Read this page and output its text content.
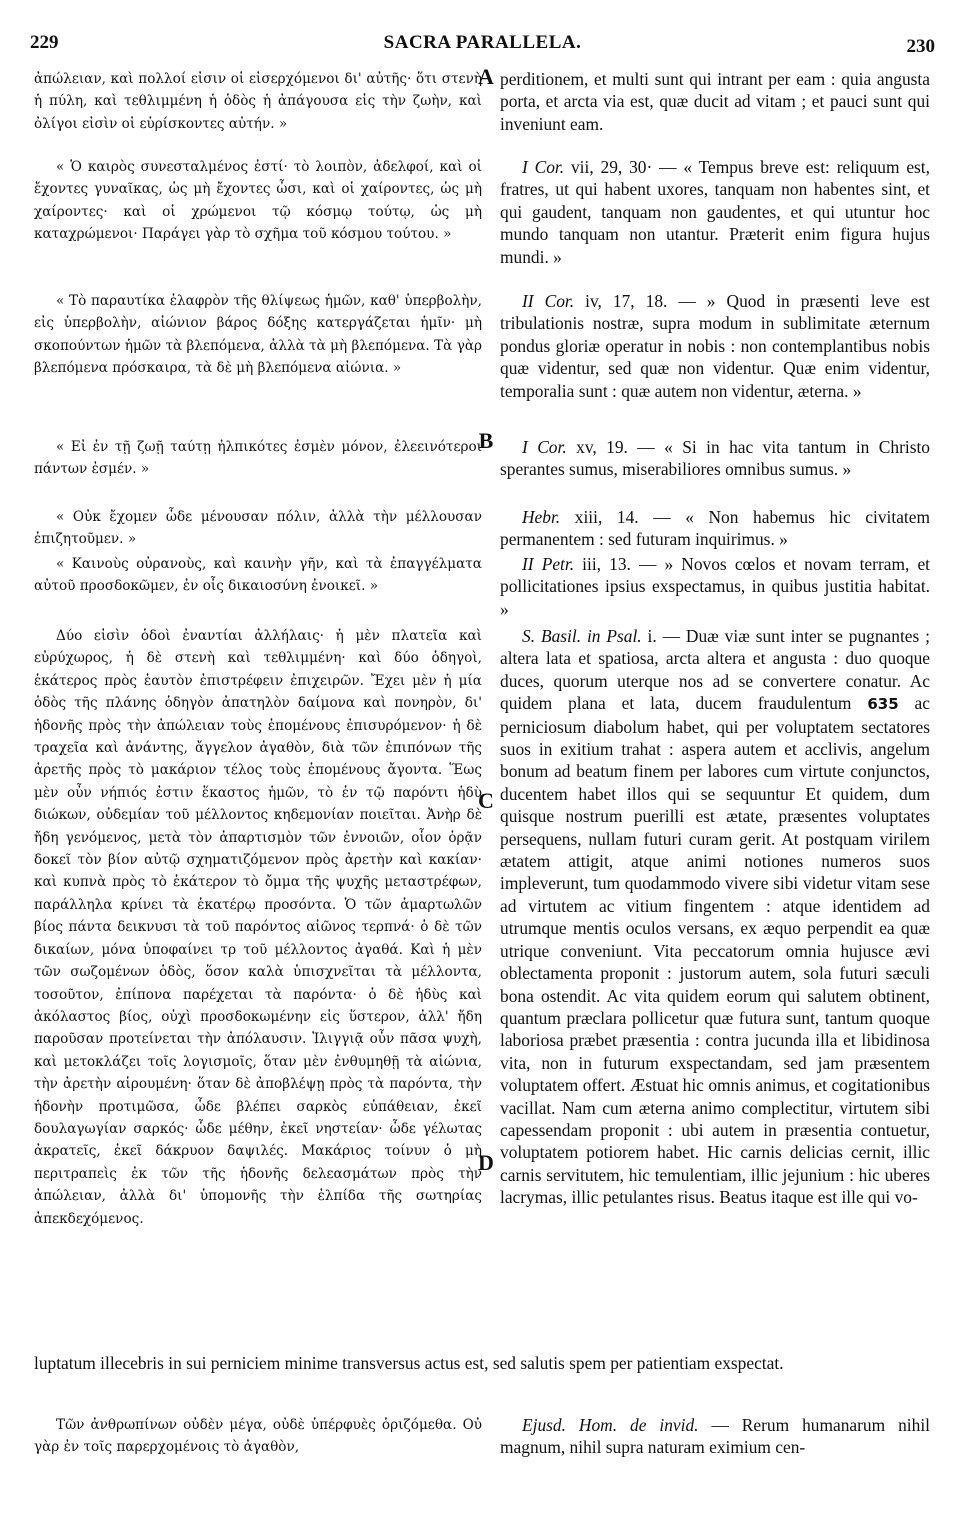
229	SACRA PARALLELA.	230

ἀπώλειαν, καὶ πολλοί εἰσιν οἱ εἰσερχόμενοι δι' αὐτῆς· ὅτι στενὴ ἡ πύλη, καὶ τεθλιμμένη ἡ ὁδὸς ἡ ἀπάγουσα εἰς τὴν ζωὴν, καὶ ὀλίγοι εἰσὶν οἱ εὑρίσκοντες αὐτήν. »

« Ὁ καιρὸς συνεσταλμένος ἐστί· τὸ λοιπὸν, ἀδελφοί, καὶ οἱ ἔχοντες γυναῖκας, ὡς μὴ ἔχοντες ὦσι, καὶ οἱ χαίροντες, ὡς μὴ χαίροντες· καὶ οἱ χρώμενοι τῷ κόσμῳ τούτῳ, ὡς μὴ καταχρώμενοι· Παράγει γὰρ τὸ σχῆμα τοῦ κόσμου τούτου. »

« Τὸ παραυτίκα ἐλαφρὸν τῆς θλίψεως ἡμῶν, καθ' ὑπερβολὴν, εἰς ὑπερβολὴν, αἰώνιον βάρος δόξης κατεργάζεται ἡμῖν· μὴ σκοπούντων ἡμῶν τὰ βλεπόμενα, ἀλλὰ τὰ μὴ βλεπόμενα. Τὰ γὰρ βλεπόμενα πρόσκαιρα, τὰ δὲ μὴ βλεπόμενα αἰώνια. »

« Εἰ ἐν τῇ ζωῇ ταύτῃ ἠλπικότες ἐσμὲν μόνον, ἐλεεινότεροι πάντων ἐσμέν. »

« Οὐκ ἔχομεν ὧδε μένουσαν πόλιν, ἀλλὰ τὴν μέλλουσαν ἐπιζητοῦμεν. »

« Καινοὺς οὐρανοὺς, καὶ καινὴν γῆν, καὶ τὰ ἐπαγγέλματα αὐτοῦ προσδοκῶμεν, ἐν οἷς δικαιοσύνη ἐνοικεῖ. »

Δύο εἰσὶν ὁδοὶ ἐναντίαι ἀλλήλαις· ἡ μὲν πλατεῖα καὶ εὐρύχωρος, ἡ δὲ στενὴ καὶ τεθλιμμένη· καὶ δύο ὁδηγοὶ, ἑκάτερος πρὸς ἑαυτὸν ἐπιστρέφειν ἐπιχειρῶν. Ἔχει μὲν ἡ μία ὁδὸς τῆς πλάνης ὁδηγὸν ἀπατηλὸν δαίμονα καὶ πονηρὸν, δι' ἡδονῆς πρὸς τὴν ἀπώλειαν τοὺς ἑπομένους ἐπισυρόμενον· ἡ δὲ τραχεῖα καὶ ἀνάντης, ἄγγελον ἀγαθὸν, διὰ τῶν ἐπιπόνων τῆς ἀρετῆς πρὸς τὸ μακάριον τέλος τοὺς ἑπομένους ἄγοντα. Ἕως μὲν οὖν νήπιός ἐστιν ἕκαστος ἡμῶν, τὸ ἐν τῷ παρόντι ἡδὺ διώκων, οὐδεμίαν τοῦ μέλλοντος κηδεμονίαν ποιεῖται. Ἀνὴρ δὲ ἤδη γενόμενος, μετὰ τὸν ἀπαρτισμὸν τῶν ἐννοιῶν, οἷον ὁρᾷν δοκεῖ τὸν βίον αὐτῷ σχηματιζόμενον πρὸς ἀρετὴν καὶ κακίαν· καὶ κυπνὰ πρὸς τὸ ἑκάτερον τὸ ὄμμα τῆς ψυχῆς μεταστρέφων, παράλληλα κρίνει τὰ ἑκατέρῳ προσόντα. Ὁ τῶν ἁμαρτωλῶν βίος πάντα δεικνυσι τὰ τοῦ παρόντος αἰῶνος τερπνά· ὁ δὲ τῶν δικαίων, μόνα ὑποφαίνει τρ τοῦ μέλλοντος ἀγαθά. Καὶ ἡ μὲν τῶν σωζομένων ὁδὸς, ὅσον καλὰ ὑπισχνεῖται τὰ μέλλοντα, τοσοῦτον, ἐπίπονα παρέχεται τὰ παρόντα· ὁ δὲ ἡδὺς καὶ ἀκόλαστος βίος, οὐχὶ προσδοκωμένην εἰς ὕστερον, ἀλλ' ἤδη παροῦσαν προτείνεται τὴν ἀπόλαυσιν. Ἰλιγγιᾷ οὖν πᾶσα ψυχὴ, καὶ μετοκλάζει τοῖς λογισμοῖς, ὅταν μὲν ἐνθυμηθῇ τὰ αἰώνια, τὴν ἀρετὴν αἱρουμένη· ὅταν δὲ ἀποβλέψῃ πρὸς τὰ παρόντα, τὴν ἡδονὴν προτιμῶσα, ὧδε βλέπει σαρκὸς εὐπάθειαν, ἐκεῖ δουλαγωγίαν σαρκός· ὧδε μέθην, ἐκεῖ νηστείαν· ὧδε γέλωτας ἀκρατεῖς, ἐκεῖ δάκρυον δαψιλές. Μακάριος τοίνυν ὁ μὴ περιτραπεὶς ἐκ τῶν τῆς ἡδονῆς δελεασμάτων πρὸς τὴν ἀπώλειαν, ἀλλὰ δι' ὑπομονῆς τὴν ἐλπίδα τῆς σωτηρίας ἀπεκδεχόμενος.

perditionem, et multi sunt qui intrant per eam : quia angusta porta, et arcta via est, quæ ducit ad vitam ; et pauci sunt qui inveniunt eam.

I Cor. vii, 29, 30· — « Tempus breve est: reliquum est, fratres, ut qui habent uxores, tanquam non habentes sint, et qui gaudent, tanquam non gaudentes, et qui utuntur hoc mundo tanquam non utantur. Præterit enim figura hujus mundi. »

II Cor. iv, 17, 18. — » Quod in præsenti leve est tribulationis nostræ, supra modum in sublimitate æternum pondus gloriæ operatur in nobis : non contemplantibus nobis quæ videntur, sed quæ non videntur. Quæ enim videntur, temporalia sunt : quæ autem non videntur, æterna. »

I Cor. xv, 19. — « Si in hac vita tantum in Christo sperantes sumus, miserabiliores omnibus sumus. »

Hebr. xiii, 14. — « Non habemus hic civitatem permanentem : sed futuram inquirimus. »

II Petr. iii, 13. — » Novos cœlos et novam terram, et pollicitationes ipsius exspectamus, in quibus justitia habitat. »

S. Basil. in Psal. i. — Duæ viæ sunt inter se pugnantes ; altera lata et spatiosa, arcta altera et angusta : duo quoque duces, quorum uterque nos ad se convertere conatur. Ac quidem plana et lata, ducem fraudulentum 635 ac perniciosum diabolum habet, qui per voluptatem sectatores suos in exitium trahat : aspera autem et acclivis, angelum bonum ad beatum finem per labores cum virtute conjunctos, ducentem habet illos qui se sequuntur Et quidem, dum quisque nostrum puerilli est ætate, præsentes voluptates persequens, nullam futuri curam gerit. At postquam virilem ætatem attigit, atque animi notiones numeros suos impleverunt, tum quodammodo vivere sibi videtur vitam sese ad virtutem ac vitium fingentem : atque identidem ad utrumque mentis oculos versans, ex æquo perpendit ea quæ utrique conveniunt. Vita peccatorum omnia hujusce ævi oblectamenta proponit : justorum autem, sola futuri sæculi bona ostendit. Ac vita quidem eorum qui salutem obtinent, quantum præclara pollicetur quæ futura sunt, tantum quoque laboriosa præbet præsentia : contra jucunda illa et libidinosa vita, non in futurum exspectandam, sed jam præsentem voluptatem offert. Æstuat hic omnis animus, et cogitationibus vacillat. Nam cum æterna animo complectitur, virtutem sibi capessendam proponit : ubi autem in præsentia contuetur, voluptatem potiorem habet. Hic carnis delicias cernit, illic carnis servitutem, hic temulentiam, illic jejunium : hic uberes lacrymas, illic petulantes risus. Beatus itaque est ille qui vo-

A
B
C
D

luptatum illecebris in sui perniciem minime transversus actus est, sed salutis spem per patientiam exspectat.

Τῶν ἀνθρωπίνων οὐδὲν μέγα, οὐδὲ ὑπέρφυὲς ὁριζόμεθα. Οὐ γὰρ ἐν τοῖς παρερχομένοις τὸ ἀγαθὸν,

Ejusd. Hom. de invid. — Rerum humanarum nihil magnum, nihil supra naturam eximium cen-
